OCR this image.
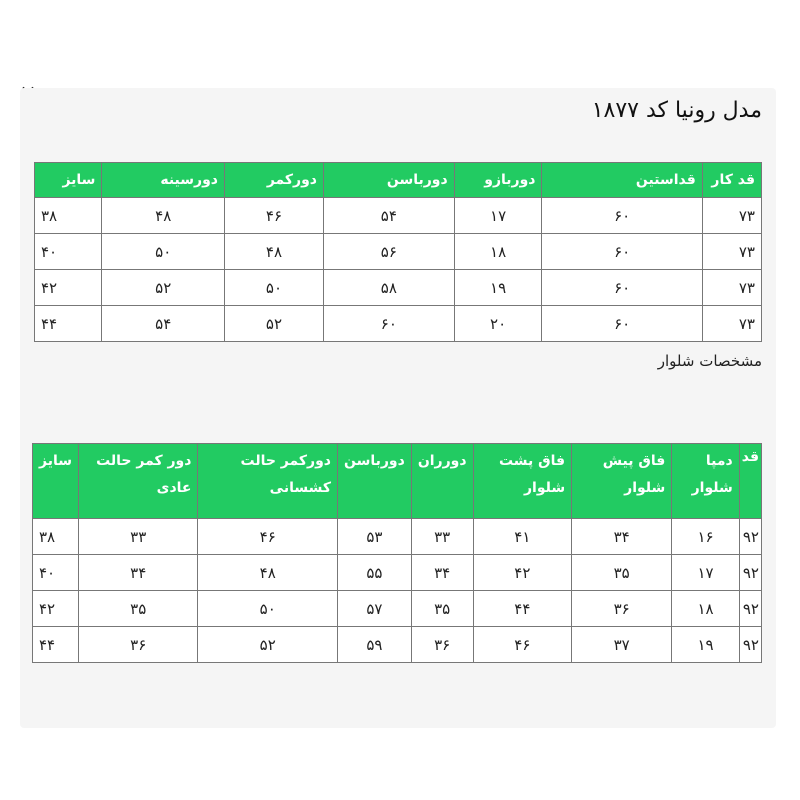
مدل رونیا کد ۱۸۷۷
قد کار	قداستین	دوربازو	دورباسن	دورکمر	دورسینه	سایز
۷۳	۶۰	۱۷	۵۴	۴۶	۴۸	۳۸
۷۳	۶۰	۱۸	۵۶	۴۸	۵۰	۴۰
۷۳	۶۰	۱۹	۵۸	۵۰	۵۲	۴۲
۷۳	۶۰	۲۰	۶۰	۵۲	۵۴	۴۴
مشخصات شلوار
قد	دمپا شلوار	فاق پیش شلوار	فاق پشت شلوار	دورران	دورباسن	دورکمر حالت کشسانی	دور کمر حالت عادی	سایز
۹۲	۱۶	۳۴	۴۱	۳۳	۵۳	۴۶	۳۳	۳۸
۹۲	۱۷	۳۵	۴۲	۳۴	۵۵	۴۸	۳۴	۴۰
۹۲	۱۸	۳۶	۴۴	۳۵	۵۷	۵۰	۳۵	۴۲
۹۲	۱۹	۳۷	۴۶	۳۶	۵۹	۵۲	۳۶	۴۴
